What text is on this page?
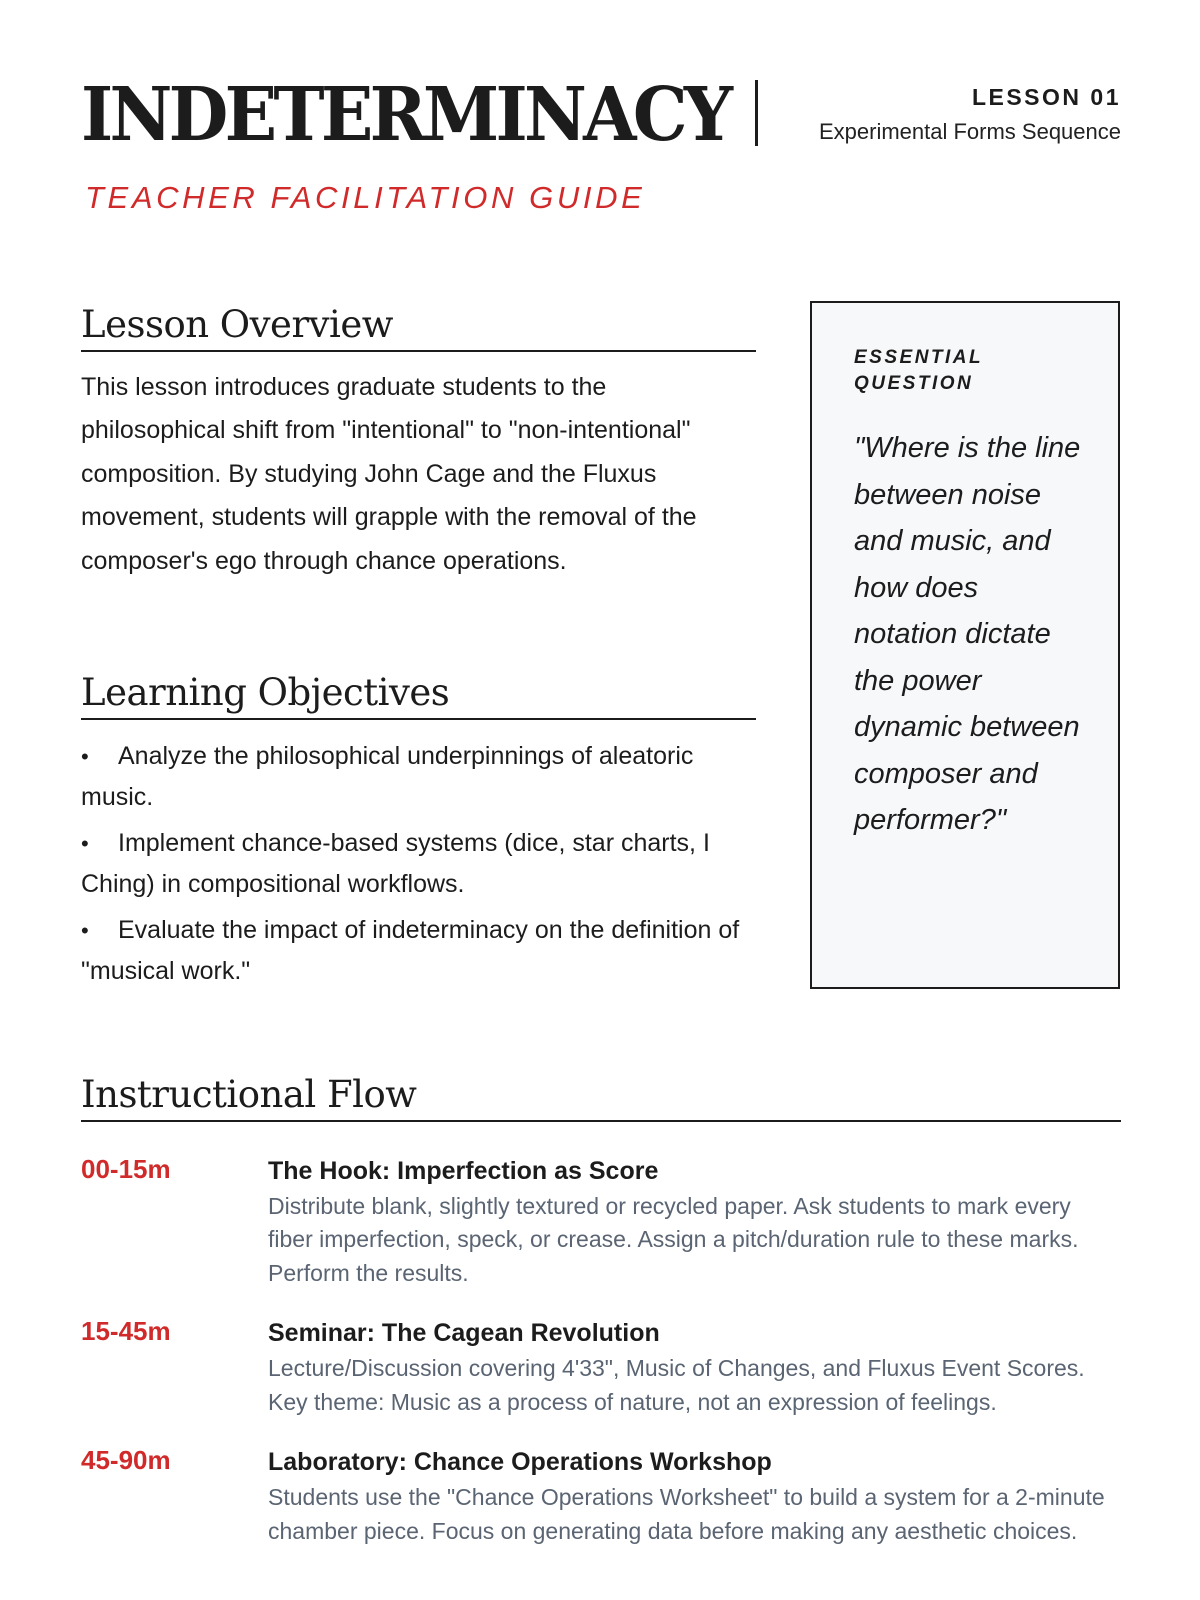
INDETERMINACY
TEACHER FACILITATION GUIDE
LESSON 01
Experimental Forms Sequence
Lesson Overview

This lesson introduces graduate students to the philosophical shift from "intentional" to "non-intentional" composition. By studying John Cage and the Fluxus movement, students will grapple with the removal of the composer's ego through chance operations.

Learning Objectives
• Analyze the philosophical underpinnings of aleatoric music.
• Implement chance-based systems (dice, star charts, I Ching) in compositional workflows.
• Evaluate the impact of indeterminacy on the definition of "musical work."
ESSENTIAL QUESTION
"Where is the line between noise and music, and how does notation dictate the power dynamic between composer and performer?"
Instructional Flow
00-15m	The Hook: Imperfection as Score
Distribute blank, slightly textured or recycled paper. Ask students to mark every fiber imperfection, speck, or crease. Assign a pitch/duration rule to these marks. Perform the results.
15-45m	Seminar: The Cagean Revolution
Lecture/Discussion covering 4'33", Music of Changes, and Fluxus Event Scores. Key theme: Music as a process of nature, not an expression of feelings.
45-90m	Laboratory: Chance Operations Workshop
Students use the "Chance Operations Worksheet" to build a system for a 2-minute chamber piece. Focus on generating data before making any aesthetic choices.
